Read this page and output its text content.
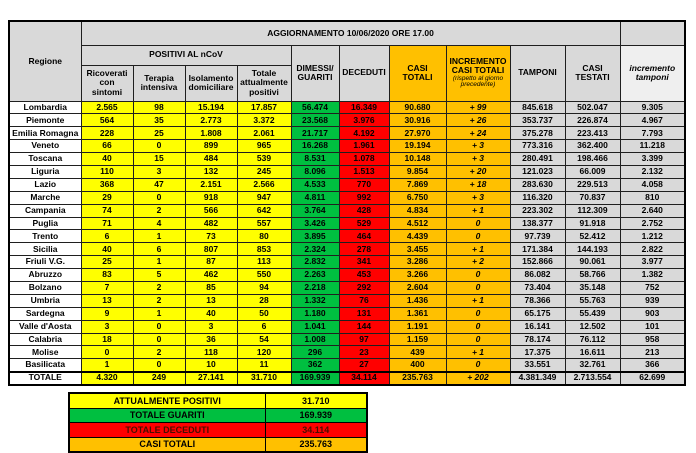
Regione	AGGIORNAMENTO 10/06/2020 ORE 17.00										
	POSITIVI AL nCoV				DIMESSI/ GUARITI	DECEDUTI	CASI TOTALI	INCREMENTO CASI TOTALI
(rispetto al giorno precedente)	TAMPONI	CASI TESTATI	incremento tamponi
	Ricoverati con sintomi	Terapia intensiva	Isolamento domiciliare	Totale attualmente positivi							
Lombardia	2.565	98	15.194	17.857	56.474	16.349	90.680	+ 99	845.618	502.047	9.305
Piemonte	564	35	2.773	3.372	23.568	3.976	30.916	+ 26	353.737	226.874	4.967
Emilia Romagna	228	25	1.808	2.061	21.717	4.192	27.970	+ 24	375.278	223.413	7.793
Veneto	66	0	899	965	16.268	1.961	19.194	+ 3	773.316	362.400	11.218
Toscana	40	15	484	539	8.531	1.078	10.148	+ 3	280.491	198.466	3.399
Liguria	110	3	132	245	8.096	1.513	9.854	+ 20	121.023	66.009	2.132
Lazio	368	47	2.151	2.566	4.533	770	7.869	+ 18	283.630	229.513	4.058
Marche	29	0	918	947	4.811	992	6.750	+ 3	116.320	70.837	810
Campania	74	2	566	642	3.764	428	4.834	+ 1	223.302	112.309	2.640
Puglia	71	4	482	557	3.426	529	4.512	0	138.377	91.918	2.752
Trento	6	1	73	80	3.895	464	4.439	0	97.739	52.412	1.212
Sicilia	40	6	807	853	2.324	278	3.455	+ 1	171.384	144.193	2.822
Friuli V.G.	25	1	87	113	2.832	341	3.286	+ 2	152.866	90.061	3.977
Abruzzo	83	5	462	550	2.263	453	3.266	0	86.082	58.766	1.382
Bolzano	7	2	85	94	2.218	292	2.604	0	73.404	35.148	752
Umbria	13	2	13	28	1.332	76	1.436	+ 1	78.366	55.763	939
Sardegna	9	1	40	50	1.180	131	1.361	0	65.175	55.439	903
Valle d'Aosta	3	0	3	6	1.041	144	1.191	0	16.141	12.502	101
Calabria	18	0	36	54	1.008	97	1.159	0	78.174	76.112	958
Molise	0	2	118	120	296	23	439	+ 1	17.375	16.611	213
Basilicata	1	0	10	11	362	27	400	0	33.551	32.761	366
TOTALE	4.320	249	27.141	31.710	169.939	34.114	235.763	+ 202	4.381.349	2.713.554	62.699
ATTUALMENTE POSITIVI	31.710
TOTALE GUARITI	169.939
TOTALE DECEDUTI	34.114
CASI TOTALI	235.763
